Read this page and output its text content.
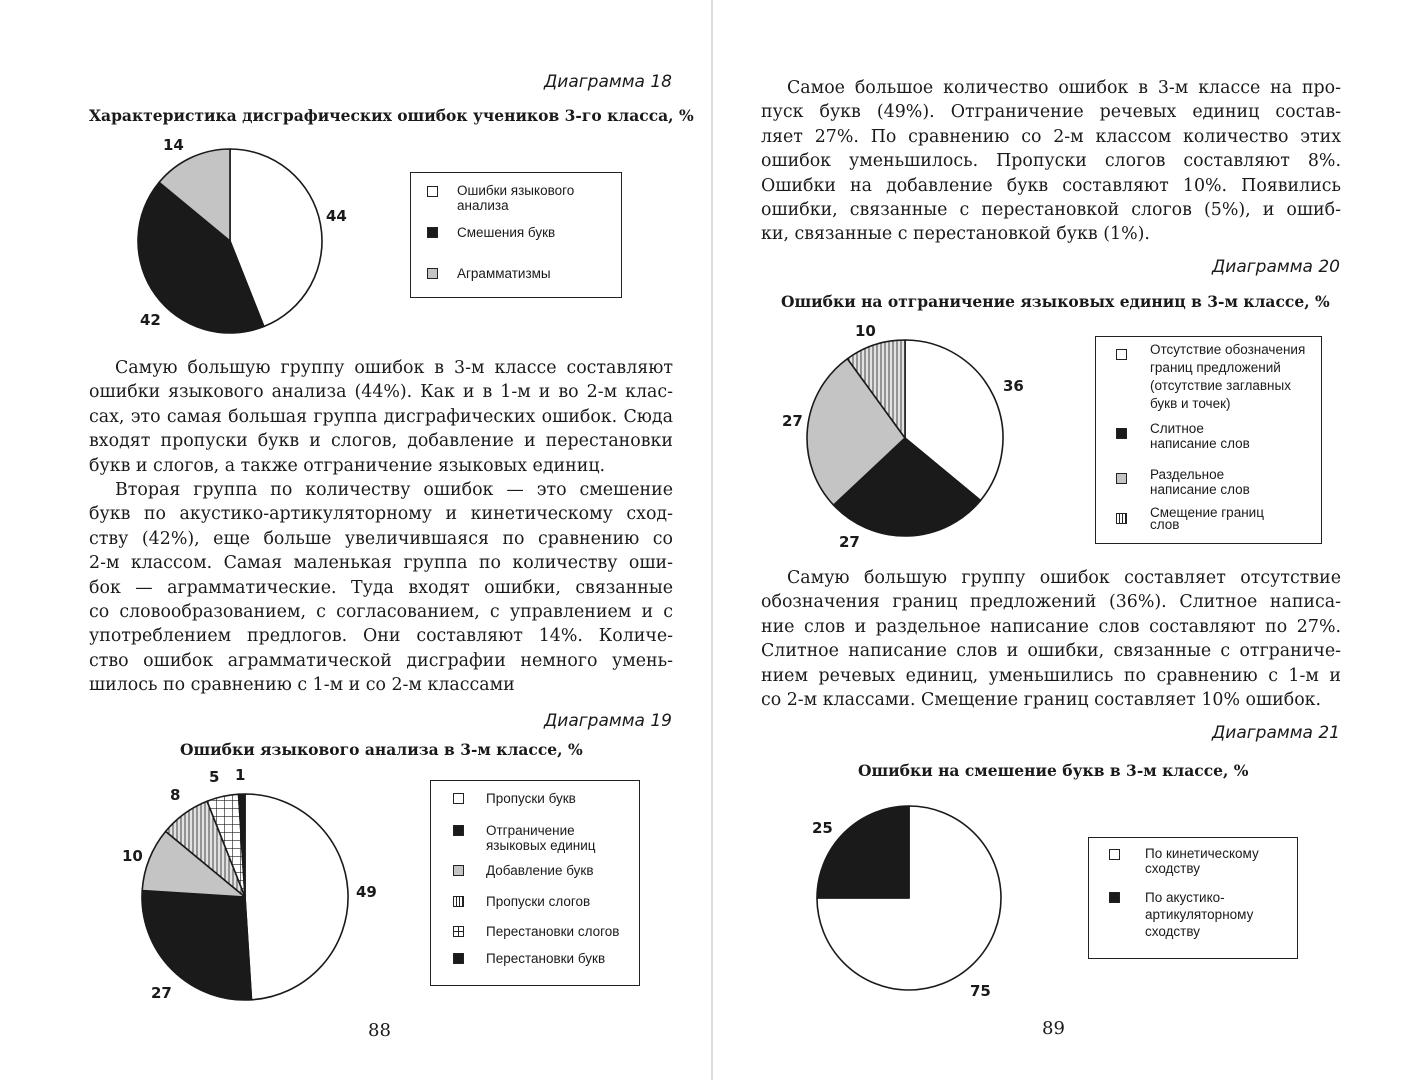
Диаграмма 18
Характеристика дисграфических ошибок учеников 3-го класса, %
14
44
42
Ошибки языкового
анализа
Смешения букв
Аграмматизмы
Самую большую группу ошибок в 3-м классе составляют
ошибки языкового анализа (44%). Как и в 1-м и во 2-м клас-
сах, это самая большая группа дисграфических ошибок. Сюда
входят пропуски букв и слогов, добавление и перестановки
букв и слогов, а также отграничение языковых единиц.
Вторая группа по количеству ошибок — это смешение
букв по акустико-артикуляторному и кинетическому сход-
ству (42%), еще больше увеличившаяся по сравнению со
2-м классом. Самая маленькая группа по количеству оши-
бок — аграмматические. Туда входят ошибки, связанные
со словообразованием, с согласованием, с управлением и с
употреблением предлогов. Они составляют 14%. Количе-
ство ошибок аграмматической дисграфии немного умень-
шилось по сравнению с 1-м и со 2-м классами
Диаграмма 19
Ошибки языкового анализа в 3-м классе, %
1
5
8
10
49
27
Пропуски букв
Отграничение
языковых единиц
Добавление букв
Пропуски слогов
Перестановки слогов
Перестановки букв
88
Самое большое количество ошибок в 3-м классе на про-
пуск букв (49%). Отграничение речевых единиц состав-
ляет 27%. По сравнению со 2-м классом количество этих
ошибок уменьшилось. Пропуски слогов составляют 8%.
Ошибки на добавление букв составляют 10%. Появились
ошибки, связанные с перестановкой слогов (5%), и ошиб-
ки, связанные с перестановкой букв (1%).
Диаграмма 20
Ошибки на отграничение языковых единиц в 3-м классе, %
10
36
27
27
Отсутствие обозначения
границ предложений
(отсутствие заглавных
букв и точек)
Слитное
написание слов
Раздельное
написание слов
Смещение границ
слов
Самую большую группу ошибок составляет отсутствие
обозначения границ предложений (36%). Слитное написа-
ние слов и раздельное написание слов составляют по 27%.
Слитное написание слов и ошибки, связанные с отграниче-
нием речевых единиц, уменьшились по сравнению с 1-м и
со 2-м классами. Смещение границ составляет 10% ошибок.
Диаграмма 21
Ошибки на смешение букв в 3-м классе, %
25
75
По кинетическому
сходству
По акустико-
артикуляторному
сходству
89
